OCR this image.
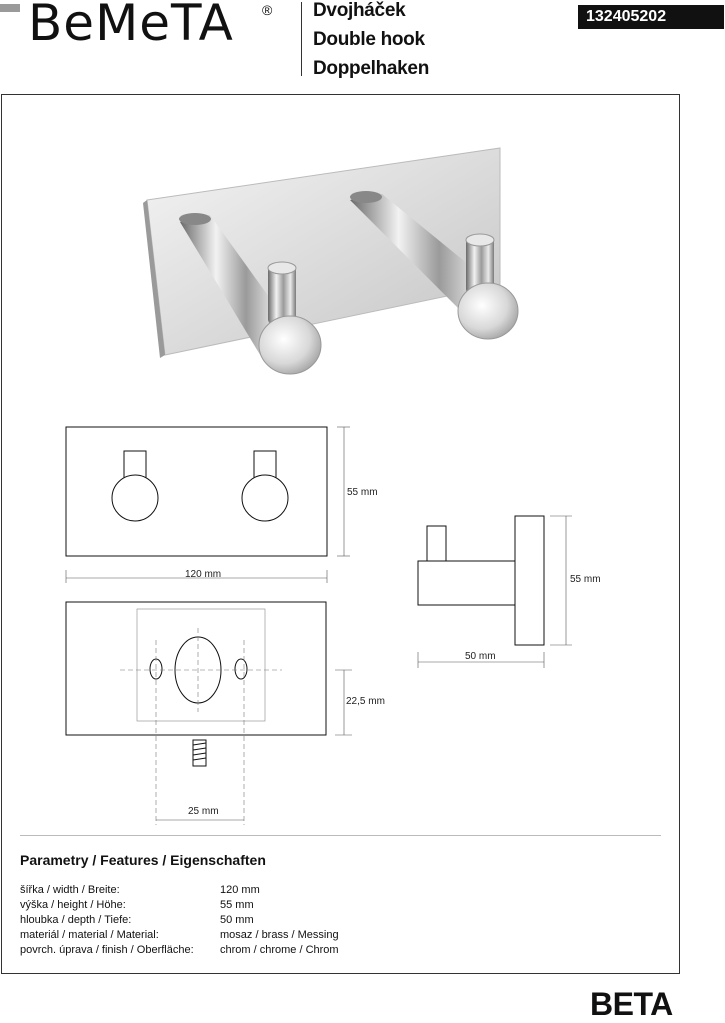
BeMeTA ® Dvojháček
Double hook
Doppelhaken
132405202
55 mm
120 mm	55 mm
50 mm
22,5 mm
25 mm
Parametry / Features / Eigenschaften
šířka / width / Breite:	120 mm
výška / height / Höhe:	55 mm
hloubka / depth / Tiefe:	50 mm
materiál / material / Material:	mosaz / brass / Messing
povrch. úprava / finish / Oberfläche: chrom / chrome / Chrom
BETA
